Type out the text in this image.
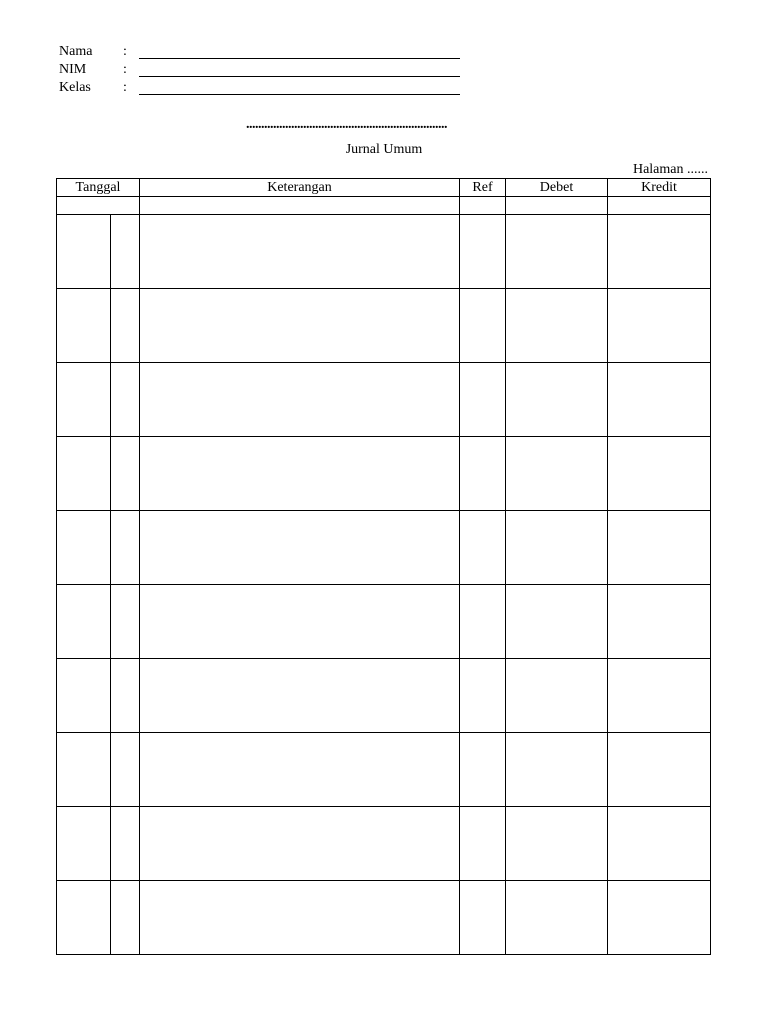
Nama	:
NIM	:
Kelas	:
...................................................................
Jurnal Umum
Halaman ......
Tanggal		Keterangan	Ref	Debet	Kredit
